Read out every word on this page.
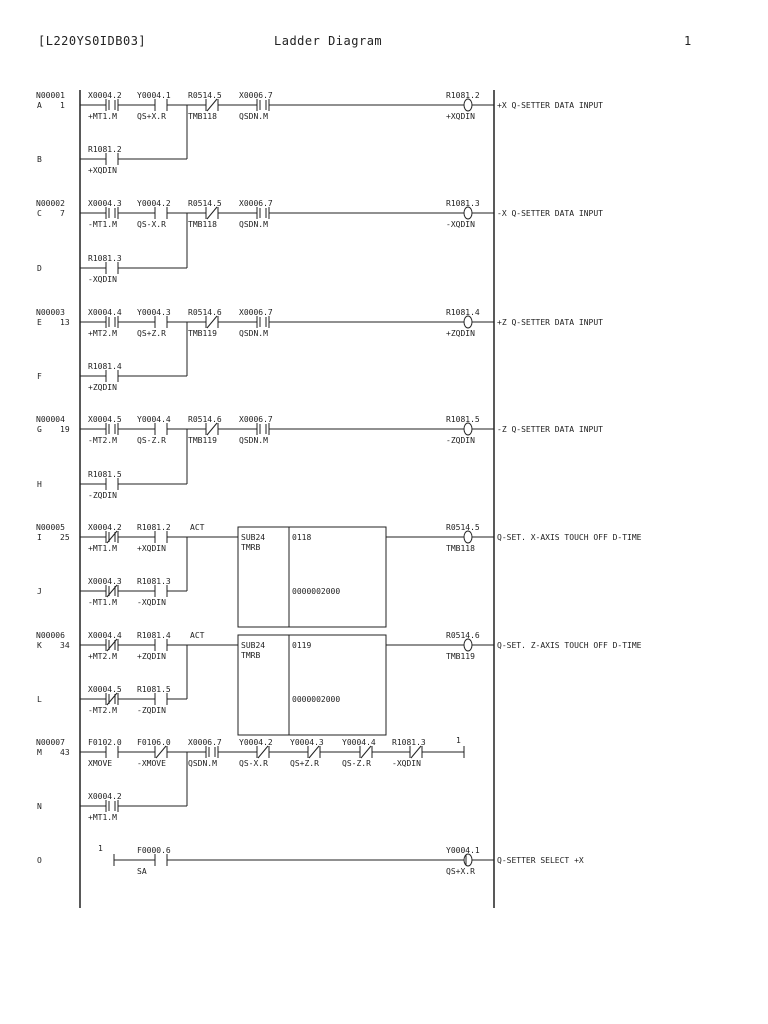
[L220YS0IDB03]	Ladder Diagram	1
N00001
A 1
B
X0004.2
+MT1.M
Y0004.1
QS+X.R
R0514.5
TMB118
X0006.7
QSDN.M
R1081.2
+XQDIN
R1081.2
+XQDIN
+X Q-SETTER DATA INPUT
N00002
C 7
D
X0004.3
-MT1.M
Y0004.2
QS-X.R
R0514.5
TMB118
X0006.7
QSDN.M
R1081.3
-XQDIN
R1081.3
-XQDIN
-X Q-SETTER DATA INPUT
N00003
E 13
F
X0004.4
+MT2.M
Y0004.3
QS+Z.R
R0514.6
TMB119
X0006.7
QSDN.M
R1081.4
+ZQDIN
R1081.4
+ZQDIN
+Z Q-SETTER DATA INPUT
N00004
G 19
H
X0004.5
-MT2.M
Y0004.4
QS-Z.R
R0514.6
TMB119
X0006.7
QSDN.M
R1081.5
-ZQDIN
R1081.5
-ZQDIN
-Z Q-SETTER DATA INPUT
N00005
I 25
J
X0004.2
+MT1.M
R1081.2
+XQDIN
ACT
X0004.3
-MT1.M
R1081.3
-XQDIN
SUB24
TMRB
0118
0000002000
R0514.5
TMB118
Q-SET. X-AXIS TOUCH OFF D-TIME
N00006
K 34
L
X0004.4
+MT2.M
R1081.4
+ZQDIN
ACT
X0004.5
-MT2.M
R1081.5
-ZQDIN
SUB24
TMRB
0119
0000002000
R0514.6
TMB119
Q-SET. Z-AXIS TOUCH OFF D-TIME
N00007
M 43
N
F0102.0
XMOVE
F0106.0
-XMOVE
X0006.7
QSDN.M
Y0004.2
QS-X.R
Y0004.3
QS+Z.R
Y0004.4
QS-Z.R
R1081.3
-XQDIN
1
X0004.2
+MT1.M
O
1	F0000.6
SA
Y0004.1
QS+X.R
Q-SETTER SELECT +X
